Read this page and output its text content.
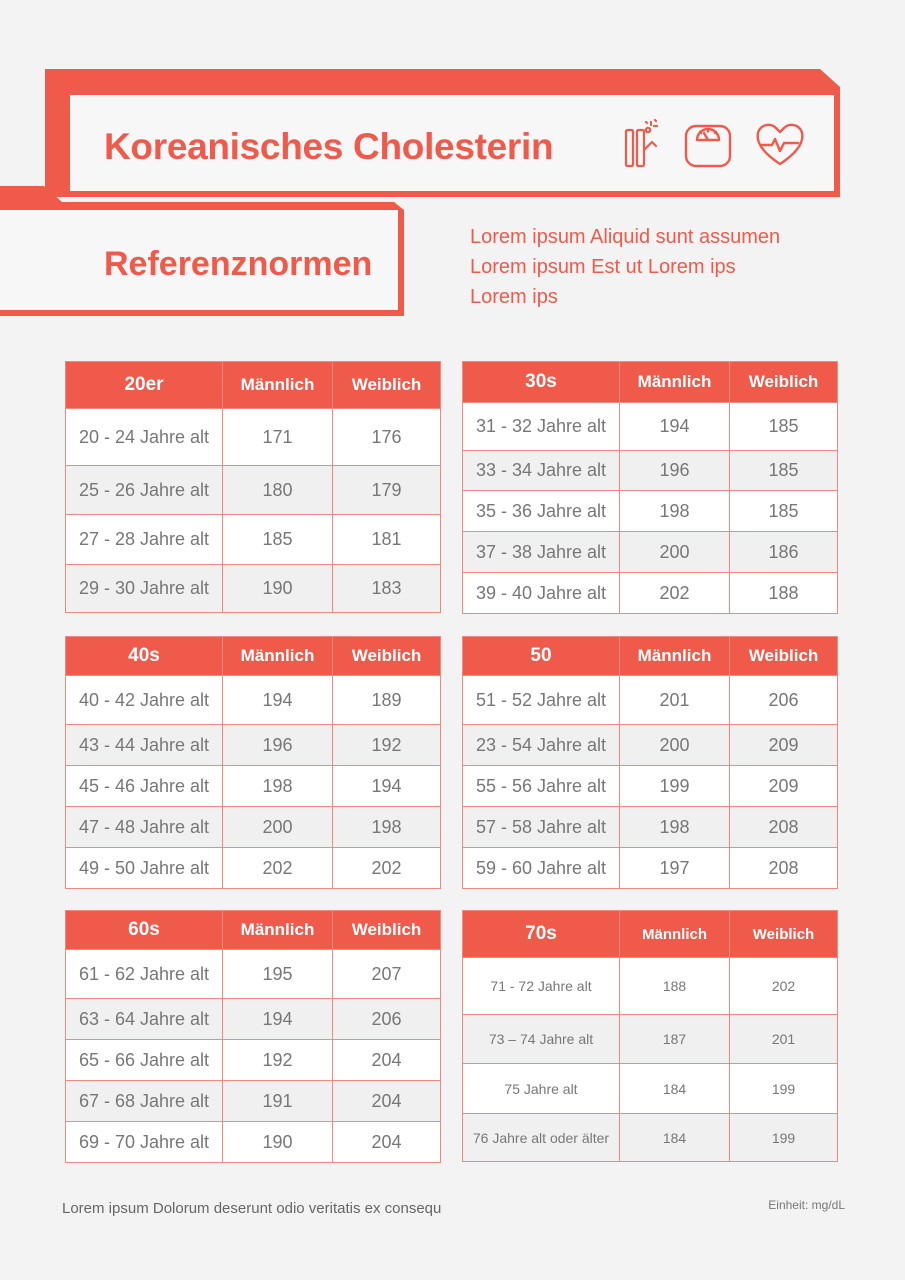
Koreanisches Cholesterin
Referenznormen
Lorem ipsum Aliquid sunt assumen
Lorem ipsum Est ut Lorem ips
Lorem ips
20er	Männlich	Weiblich
20 - 24 Jahre alt	171	176
25 - 26 Jahre alt	180	179
27 - 28 Jahre alt	185	181
29 - 30 Jahre alt	190	183
30s	Männlich	Weiblich
31 - 32 Jahre alt	194	185
33 - 34 Jahre alt	196	185
35 - 36 Jahre alt	198	185
37 - 38 Jahre alt	200	186
39 - 40 Jahre alt	202	188
40s	Männlich	Weiblich
40 - 42 Jahre alt	194	189
43 - 44 Jahre alt	196	192
45 - 46 Jahre alt	198	194
47 - 48 Jahre alt	200	198
49 - 50 Jahre alt	202	202
50	Männlich	Weiblich
51 - 52 Jahre alt	201	206
23 - 54 Jahre alt	200	209
55 - 56 Jahre alt	199	209
57 - 58 Jahre alt	198	208
59 - 60 Jahre alt	197	208
60s	Männlich	Weiblich
61 - 62 Jahre alt	195	207
63 - 64 Jahre alt	194	206
65 - 66 Jahre alt	192	204
67 - 68 Jahre alt	191	204
69 - 70 Jahre alt	190	204
70s	Männlich	Weiblich
71 - 72 Jahre alt	188	202
73 – 74 Jahre alt	187	201
75 Jahre alt	184	199
76 Jahre alt oder älter	184	199
Lorem ipsum Dolorum deserunt odio veritatis ex consequ	Einheit: mg/dL
